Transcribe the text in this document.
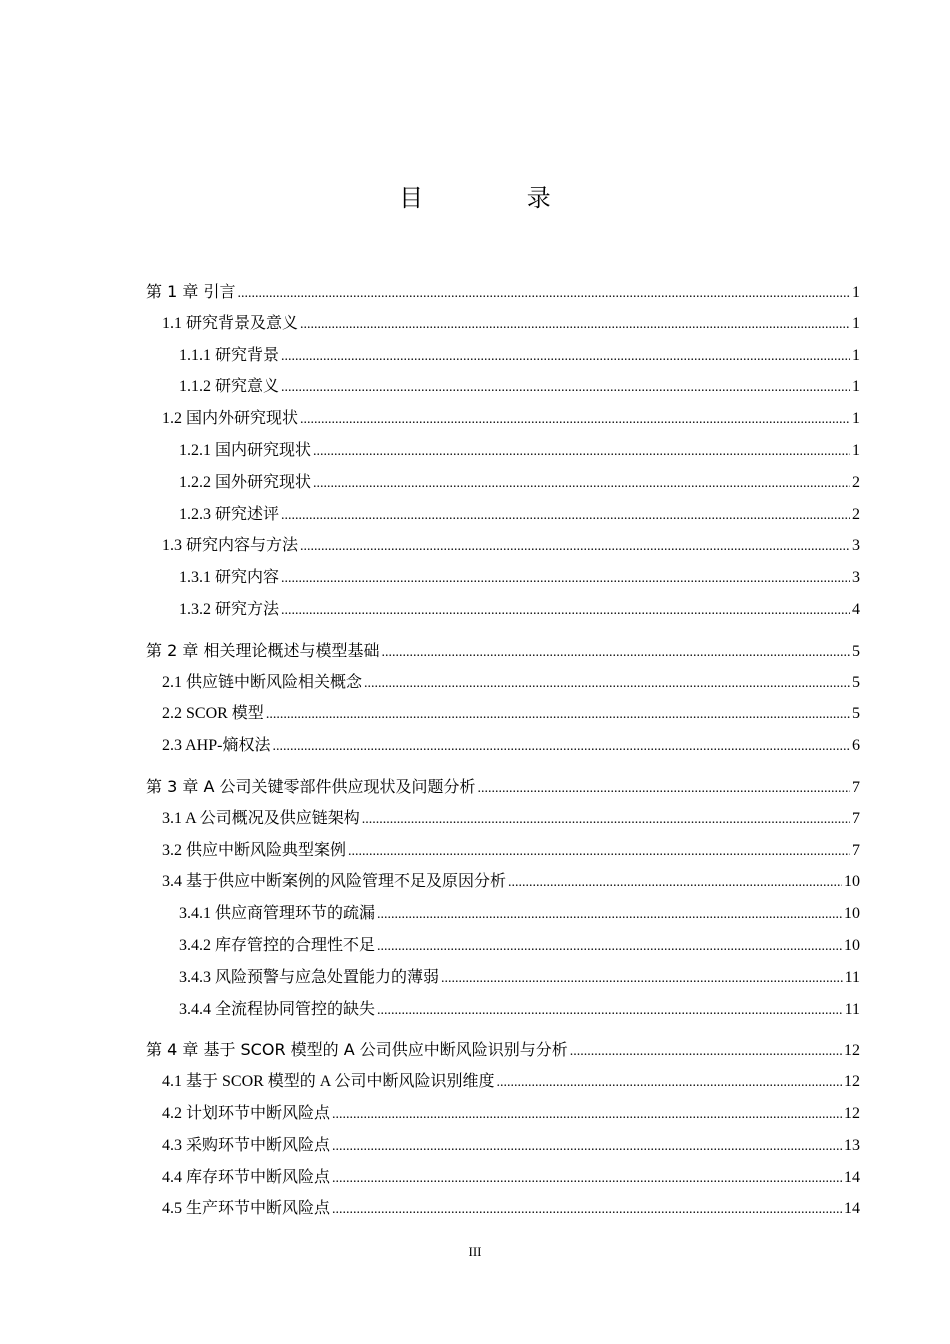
目 录
第 1 章 引言 .....	1
1.1 研究背景及意义 .....	1
1.1.1 研究背景 .....	1
1.1.2 研究意义 .....	1
1.2 国内外研究现状 .....	1
1.2.1 国内研究现状 .....	1
1.2.2 国外研究现状 .....	2
1.2.3 研究述评 .....	2
1.3 研究内容与方法 .....	3
1.3.1 研究内容 .....	3
1.3.2 研究方法 .....	4
第 2 章 相关理论概述与模型基础 .....	5
2.1 供应链中断风险相关概念 .....	5
2.2 SCOR 模型 .....	5
2.3 AHP-熵权法 .....	6
第 3 章 A 公司关键零部件供应现状及问题分析 .....	7
3.1 A 公司概况及供应链架构 .....	7
3.2 供应中断风险典型案例 .....	7
3.4 基于供应中断案例的风险管理不足及原因分析 .....	10
3.4.1 供应商管理环节的疏漏 .....	10
3.4.2 库存管控的合理性不足 .....	10
3.4.3 风险预警与应急处置能力的薄弱 .....	11
3.4.4 全流程协同管控的缺失 .....	11
第 4 章 基于 SCOR 模型的 A 公司供应中断风险识别与分析 .....	12
4.1 基于 SCOR 模型的 A 公司中断风险识别维度 .....	12
4.2 计划环节中断风险点 .....	12
4.3 采购环节中断风险点 .....	13
4.4 库存环节中断风险点 .....	14
4.5 生产环节中断风险点 .....	14
III
